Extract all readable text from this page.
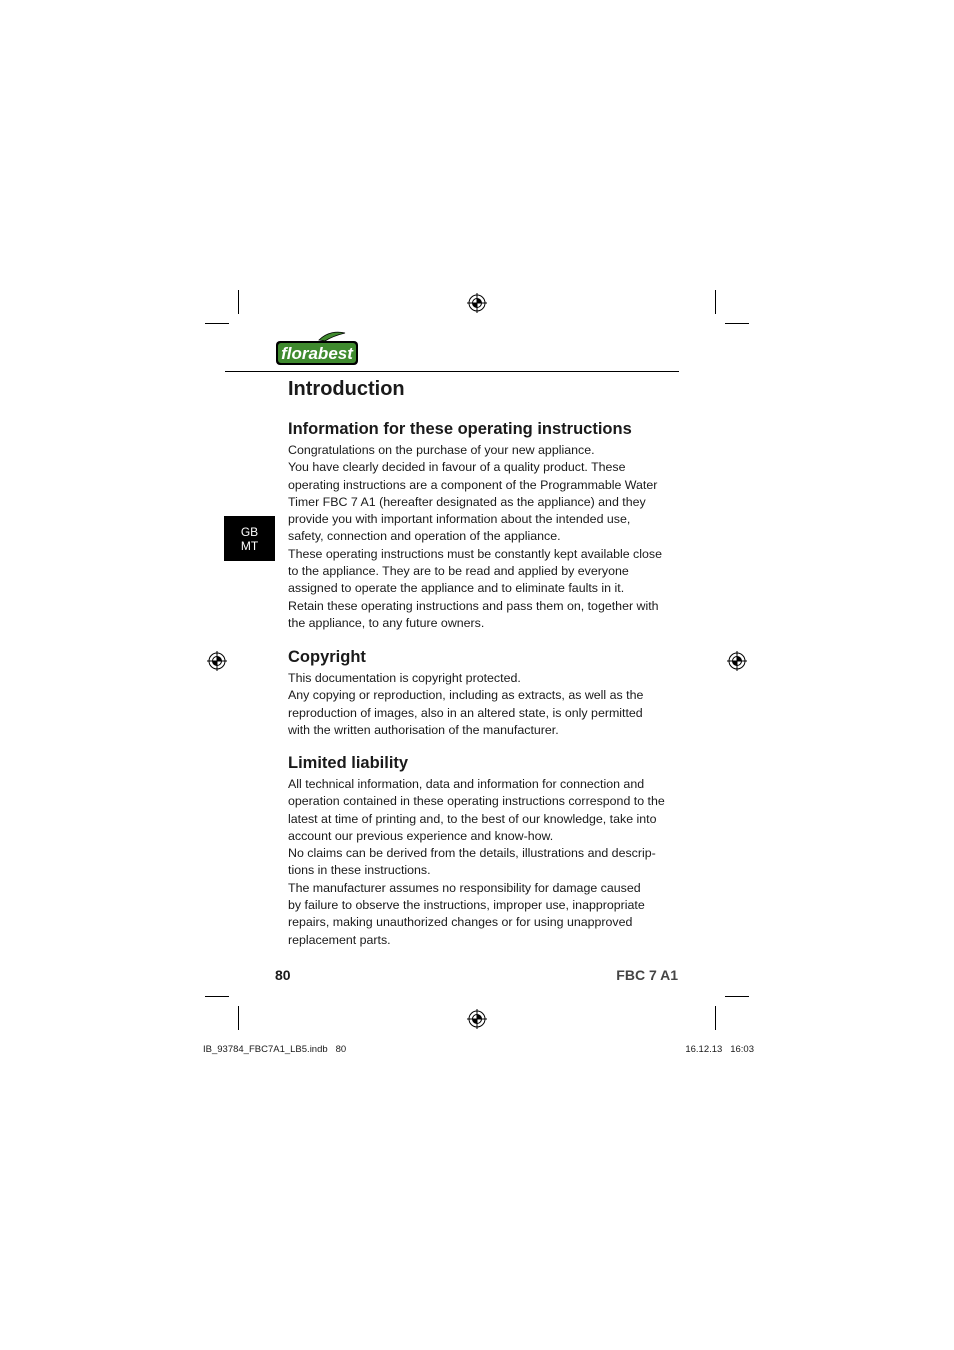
florabest
GB
MT
Introduction
Information for these operating instructions

Congratulations on the purchase of your new appliance.
You have clearly decided in favour of a quality product. These
operating instructions are a component of the Programmable Water
Timer FBC 7 A1 (hereafter designated as the appliance) and they
provide you with important information about the intended use,
safety, connection and operation of the appliance.
These operating instructions must be constantly kept available close
to the appliance. They are to be read and applied by everyone
assigned to operate the appliance and to eliminate faults in it.
Retain these operating instructions and pass them on, together with
the appliance, to any future owners.

Copyright

This documentation is copyright protected.
Any copying or reproduction, including as extracts, as well as the
reproduction of images, also in an altered state, is only permitted
with the written authorisation of the manufacturer.

Limited liability

All technical information, data and information for connection and
operation contained in these operating instructions correspond to the
latest at time of printing and, to the best of our knowledge, take into
account our previous experience and know-how.
No claims can be derived from the details, illustrations and descrip-
tions in these instructions.
The manufacturer assumes no responsibility for damage caused
by failure to observe the instructions, improper use, inappropriate
repairs, making unauthorized changes or for using unapproved
replacement parts.

80	FBC 7 A1
IB_93784_FBC7A1_LB5.indb   80	16.12.13   16:03
